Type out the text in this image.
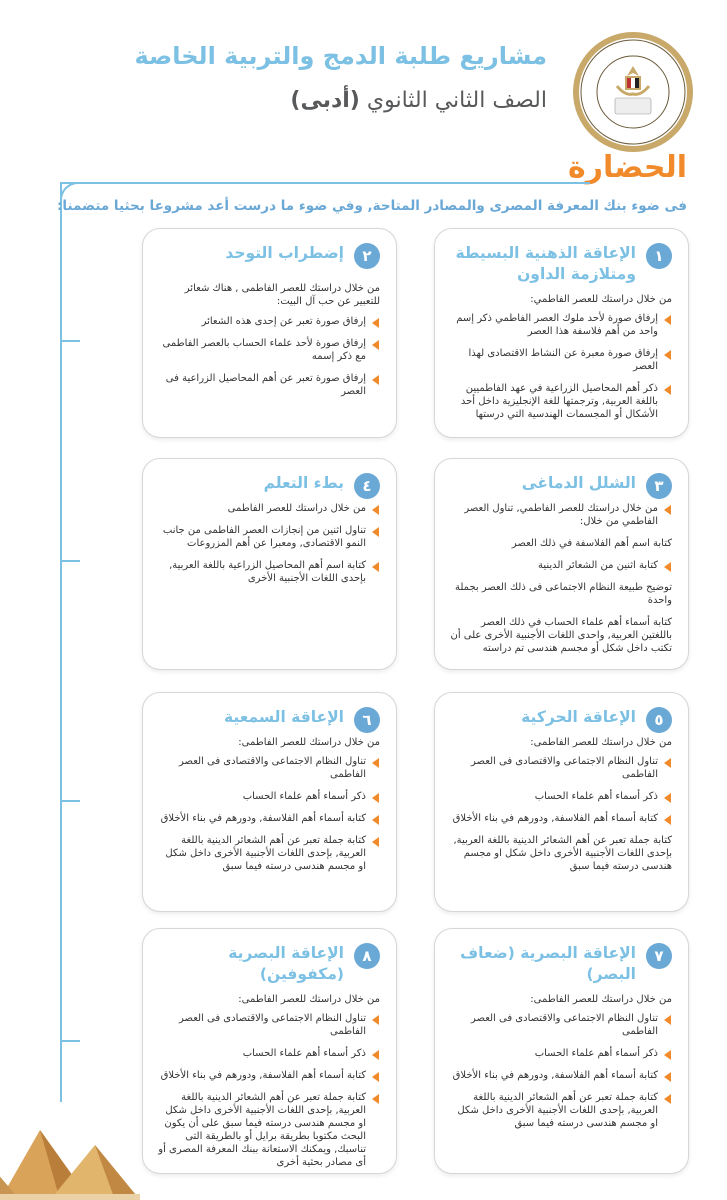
مشاريع طلبة الدمج والتربية الخاصة
الصف الثاني الثانوي (أدبى)
الحضارة
فى ضوء بنك المعرفة المصرى والمصادر المتاحة, وفي ضوء ما درست أعد مشروعا بحثيا متضمنا:
١
الإعاقة الذهنية البسيطة ومتلازمة الداون
من خلال دراستك للعصر الفاطمي:
إرفاق صورة لأحد ملوك العصر الفاطمي ذكر إسم واحد من أهم فلاسفة هذا العصر
إرفاق صورة معبرة عن النشاط الاقتصادى لهذا العصر
ذكر أهم المحاصيل الزراعية في عهد الفاطميين باللغة العربية, وترجمتها للغة الإنجليزية داخل أحد الأشكال أو المجسمات الهندسية التي درستها
٢
إضطراب التوحد
من خلال دراستك للعصر الفاطمى , هناك شعائر للتعبير عن حب آل البيت:
إرفاق صورة تعبر عن إحدى هذه الشعائر
إرفاق صورة لأحد علماء الحساب بالعصر الفاطمى مع ذكر إسمه
إرفاق صورة تعبر عن أهم المحاصيل الزراعية فى العصر
٣
الشلل الدماغى
من خلال دراستك للعصر الفاطمي, تناول العصر الفاطمي من خلال:
كتابة اسم أهم الفلاسفة في ذلك العصر
كتابة اثنين من الشعائر الدينية
توضيح طبيعة النظام الاجتماعى فى ذلك العصر بجملة واحدة
كتابة أسماء أهم علماء الحساب في ذلك العصر باللغتين العربية, واحدى اللغات الأجنبية الأخرى على أن تكتب داخل شكل أو مجسم هندسى تم دراسته
٤
بطء التعلم
من خلال دراستك للعصر الفاطمى
تناول اثنين من إنجازات العصر الفاطمى من جانب النمو الاقتصادى, ومعبرا عن أهم المزروعات
كتابة اسم أهم المحاصيل الزراعية باللغة العربية, بإحدى اللغات الأجنبية الأخرى
٥
الإعاقة الحركية
من خلال دراستك للعصر الفاطمى:
تناول النظام الاجتماعى والاقتصادى فى العصر الفاطمى
ذكر أسماء أهم علماء الحساب
كتابة أسماء أهم الفلاسفة, ودورهم في بناء الأخلاق
كتابة جملة تعبر عن أهم الشعائر الدينية باللغة العربية, بإحدى اللغات الأجنبية الأخرى داخل شكل او مجسم هندسى درسته فيما سبق
٦
الإعاقة السمعية
من خلال دراستك للعصر الفاطمى:
تناول النظام الاجتماعى والاقتصادى فى العصر الفاطمى
ذكر أسماء أهم علماء الحساب
كتابة أسماء أهم الفلاسفة, ودورهم في بناء الأخلاق
كتابة جملة تعبر عن أهم الشعائر الدينية باللغة العربية, بإحدى اللغات الأجنبية الأخرى داخل شكل او مجسم هندسى درسته فيما سبق
٧
الإعاقة البصرية (ضعاف البصر)
من خلال دراستك للعصر الفاطمى:
تناول النظام الاجتماعى والاقتصادى فى العصر الفاطمى
ذكر أسماء أهم علماء الحساب
كتابة أسماء أهم الفلاسفة, ودورهم في بناء الأخلاق
كتابة جملة تعبر عن أهم الشعائر الدينية باللغة العربية, بإحدى اللغات الأجنبية الأخرى داخل شكل او مجسم هندسى درسته فيما سبق
٨
الإعاقة البصرية (مكفوفين)
من خلال دراستك للعصر الفاطمى:
تناول النظام الاجتماعى والاقتصادى فى العصر الفاطمى
ذكر أسماء أهم علماء الحساب
كتابة أسماء أهم الفلاسفة, ودورهم في بناء الأخلاق
كتابة جملة تعبر عن أهم الشعائر الدينية باللغة العربية, بإحدى اللغات الأجنبية الأخرى داخل شكل او مجسم هندسى درسته فيما سبق على أن يكون البحث مكتوبا بطريقة برايل أو بالطريقة التى تناسبك, ويمكنك الاستعانة ببنك المعرفة المصرى أو أى مصادر بحثية أخرى
